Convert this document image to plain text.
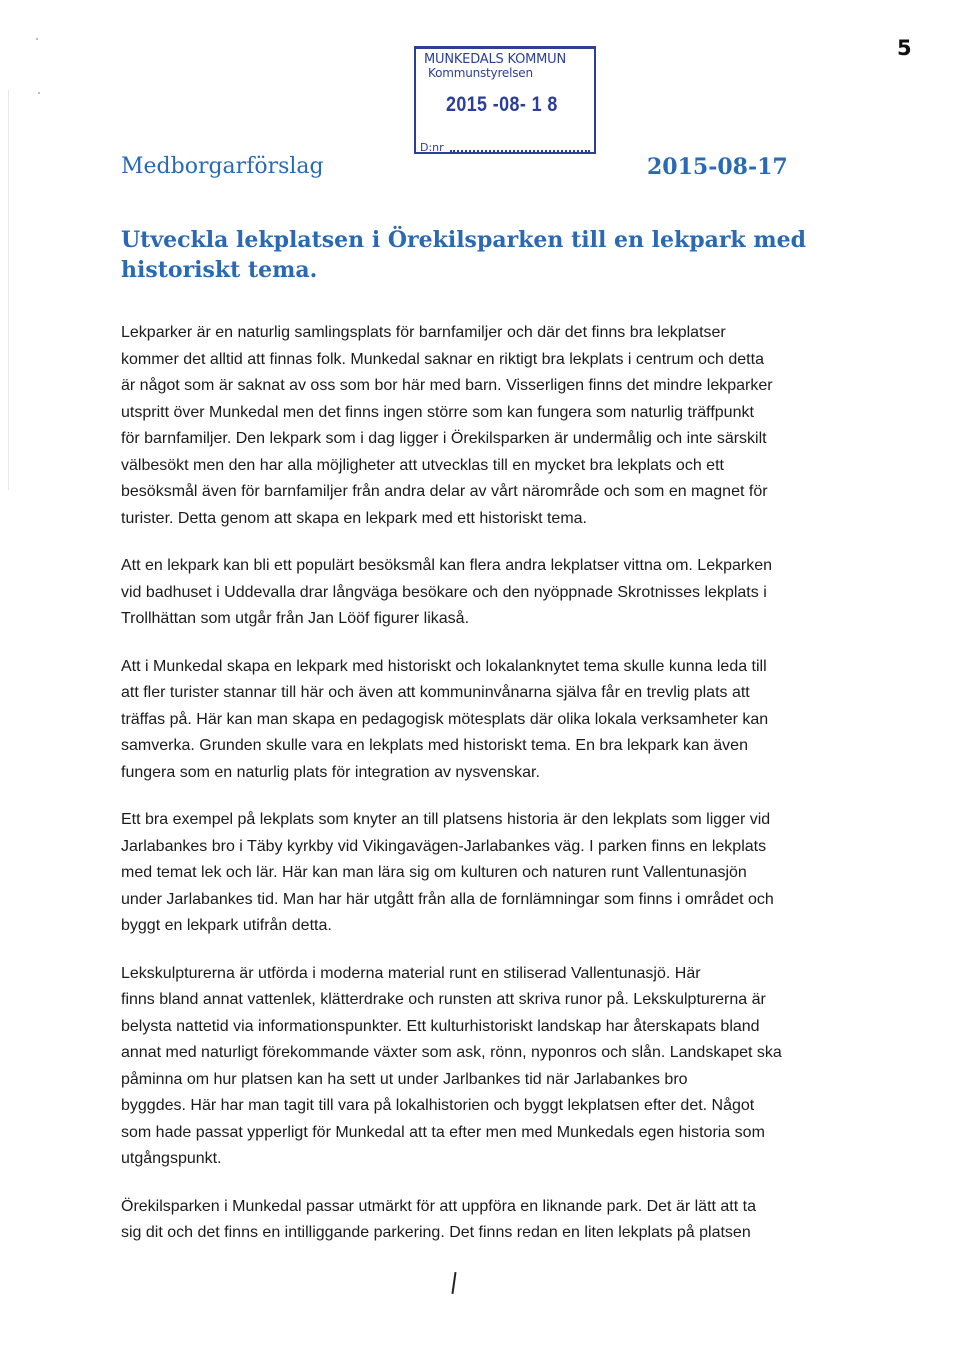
5
MUNKEDALS KOMMUN
Kommunstyrelsen
2015 -08- 1 8
D:nr
Medborgarförslag	2015-08-17
Utveckla lekplatsen i Örekilsparken till en lekpark med historiskt tema.

Lekparker är en naturlig samlingsplats för barnfamiljer och där det finns bra lekplatser
kommer det alltid att finnas folk. Munkedal saknar en riktigt bra lekplats i centrum och detta
är något som är saknat av oss som bor här med barn. Visserligen finns det mindre lekparker
utspritt över Munkedal men det finns ingen större som kan fungera som naturlig träffpunkt
för barnfamiljer. Den lekpark som i dag ligger i Örekilsparken är undermålig och inte särskilt
välbesökt men den har alla möjligheter att utvecklas till en mycket bra lekplats och ett
besöksmål även för barnfamiljer från andra delar av vårt närområde och som en magnet för
turister. Detta genom att skapa en lekpark med ett historiskt tema.

Att en lekpark kan bli ett populärt besöksmål kan flera andra lekplatser vittna om. Lekparken
vid badhuset i Uddevalla drar långväga besökare och den nyöppnade Skrotnisses lekplats i
Trollhättan som utgår från Jan Lööf figurer likaså.

Att i Munkedal skapa en lekpark med historiskt och lokalanknytet tema skulle kunna leda till
att fler turister stannar till här och även att kommuninvånarna själva får en trevlig plats att
träffas på. Här kan man skapa en pedagogisk mötesplats där olika lokala verksamheter kan
samverka. Grunden skulle vara en lekplats med historiskt tema. En bra lekpark kan även
fungera som en naturlig plats för integration av nysvenskar.

Ett bra exempel på lekplats som knyter an till platsens historia är den lekplats som ligger vid
Jarlabankes bro i Täby kyrkby vid Vikingavägen-Jarlabankes väg. I parken finns en lekplats
med temat lek och lär. Här kan man lära sig om kulturen och naturen runt Vallentunasjön
under Jarlabankes tid. Man har här utgått från alla de fornlämningar som finns i området och
byggt en lekpark utifrån detta.

Lekskulpturerna är utförda i moderna material runt en stiliserad Vallentunasjö. Här
finns bland annat vattenlek, klätterdrake och runsten att skriva runor på. Lekskulpturerna är
belysta nattetid via informationspunkter. Ett kulturhistoriskt landskap har återskapats bland
annat med naturligt förekommande växter som ask, rönn, nyponros och slån. Landskapet ska
påminna om hur platsen kan ha sett ut under Jarlbankes tid när Jarlabankes bro
byggdes. Här har man tagit till vara på lokalhistorien och byggt lekplatsen efter det. Något
som hade passat ypperligt för Munkedal att ta efter men med Munkedals egen historia som
utgångspunkt.

Örekilsparken i Munkedal passar utmärkt för att uppföra en liknande park. Det är lätt att ta
sig dit och det finns en intilliggande parkering. Det finns redan en liten lekplats på platsen
